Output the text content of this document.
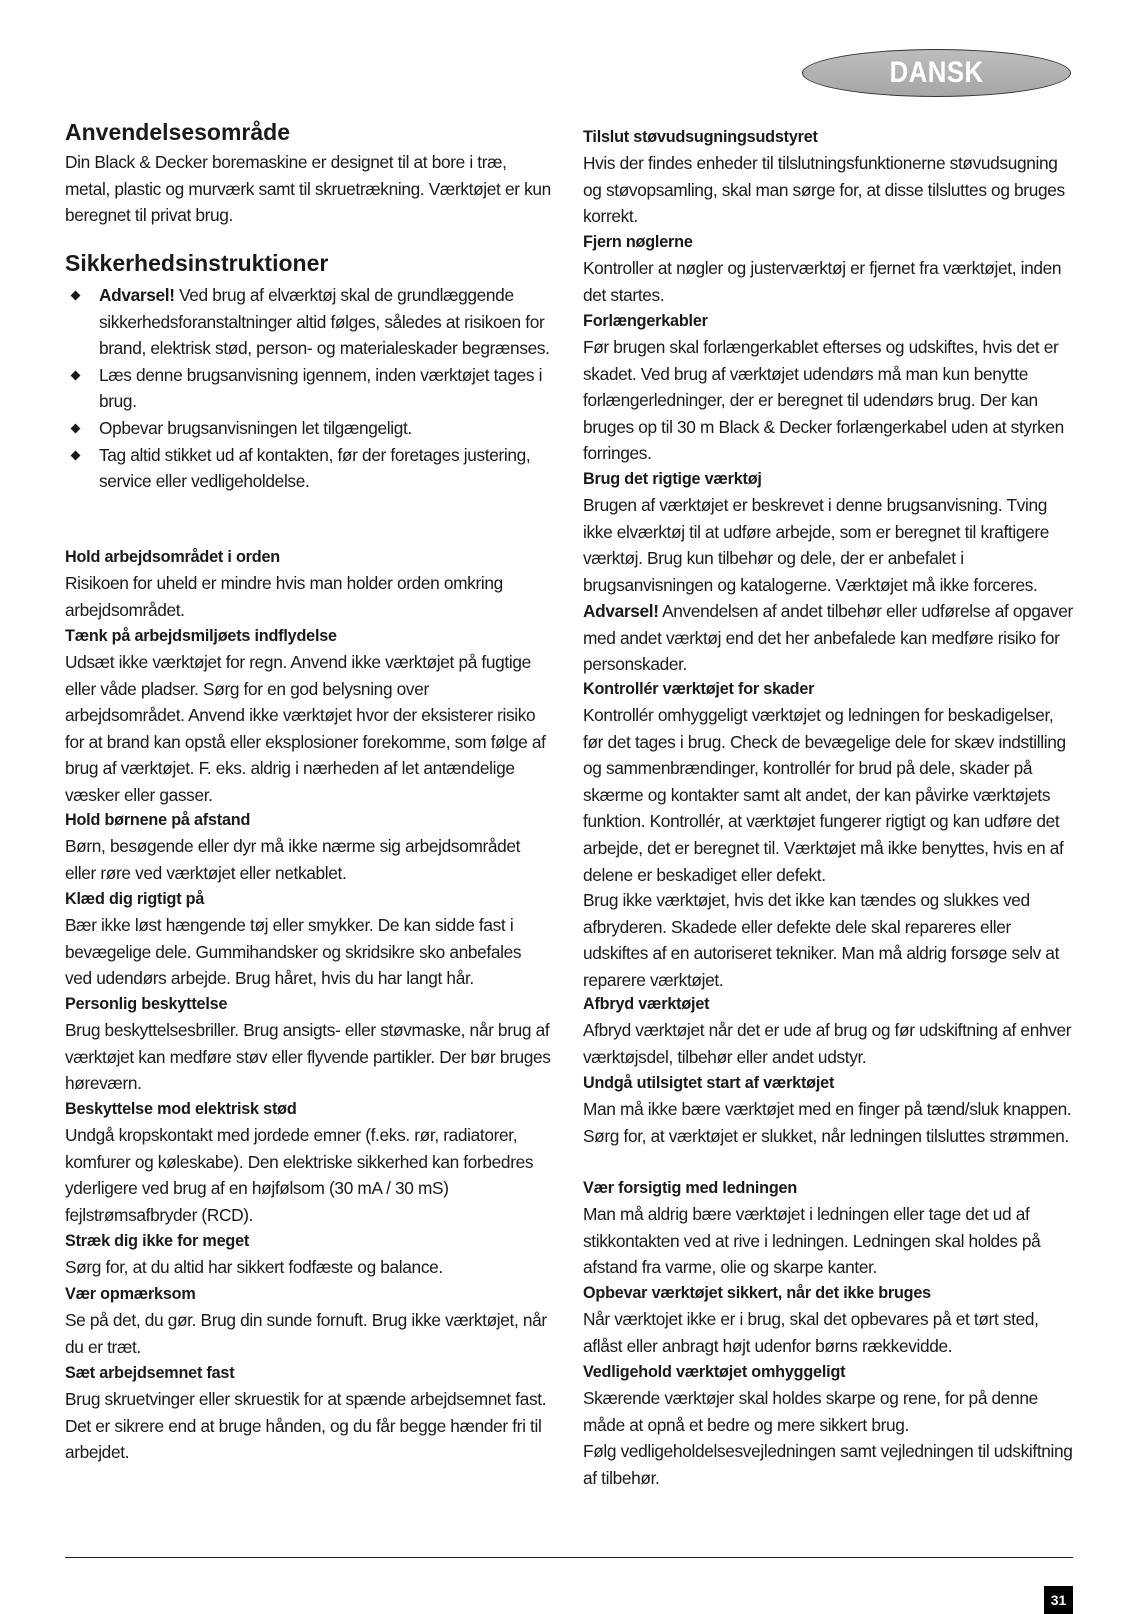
DANSK
Anvendelsesområde

Din Black & Decker boremaskine er designet til at bore i træ, metal, plastic og murværk samt til skruetrækning. Værktøjet er kun beregnet til privat brug.

Sikkerhedsinstruktioner
Advarsel! Ved brug af elværktøj skal de grundlæggende sikkerhedsforanstaltninger altid følges, således at risikoen for brand, elektrisk stød, person- og materialeskader begrænses.
Læs denne brugsanvisning igennem, inden værktøjet tages i brug.
Opbevar brugsanvisningen let tilgængeligt.
Tag altid stikket ud af kontakten, før der foretages justering, service eller vedligeholdelse.
Hold arbejdsområdet i orden

Risikoen for uheld er mindre hvis man holder orden omkring arbejdsområdet.

Tænk på arbejdsmiljøets indflydelse

Udsæt ikke værktøjet for regn. Anvend ikke værktøjet på fugtige eller våde pladser. Sørg for en god belysning over arbejdsområdet. Anvend ikke værktøjet hvor der eksisterer risiko for at brand kan opstå eller eksplosioner forekomme, som følge af brug af værktøjet. F. eks. aldrig i nærheden af let antændelige væsker eller gasser.

Hold børnene på afstand

Børn, besøgende eller dyr må ikke nærme sig arbejdsområdet eller røre ved værktøjet eller netkablet.

Klæd dig rigtigt på

Bær ikke løst hængende tøj eller smykker. De kan sidde fast i bevægelige dele. Gummihandsker og skridsikre sko anbefales ved udendørs arbejde. Brug håret, hvis du har langt hår.

Personlig beskyttelse

Brug beskyttelsesbriller. Brug ansigts- eller støvmaske, når brug af værktøjet kan medføre støv eller flyvende partikler. Der bør bruges høreværn.

Beskyttelse mod elektrisk stød

Undgå kropskontakt med jordede emner (f.eks. rør, radiatorer, komfurer og køleskabe). Den elektriske sikkerhed kan forbedres yderligere ved brug af en højfølsom (30 mA / 30 mS) fejlstrømsafbryder (RCD).

Stræk dig ikke for meget

Sørg for, at du altid har sikkert fodfæste og balance.

Vær opmærksom

Se på det, du gør. Brug din sunde fornuft. Brug ikke værktøjet, når du er træt.

Sæt arbejdsemnet fast

Brug skruetvinger eller skruestik for at spænde arbejdsemnet fast. Det er sikrere end at bruge hånden, og du får begge hænder fri til arbejdet.

Tilslut støvudsugningsudstyret

Hvis der findes enheder til tilslutningsfunktionerne støvudsugning og støvopsamling, skal man sørge for, at disse tilsluttes og bruges korrekt.

Fjern nøglerne

Kontroller at nøgler og justerværktøj er fjernet fra værktøjet, inden det startes.

Forlængerkabler

Før brugen skal forlængerkablet efterses og udskiftes, hvis det er skadet. Ved brug af værktøjet udendørs må man kun benytte forlængerledninger, der er beregnet til udendørs brug. Der kan bruges op til 30 m Black & Decker forlængerkabel uden at styrken forringes.

Brug det rigtige værktøj

Brugen af værktøjet er beskrevet i denne brugsanvisning. Tving ikke elværktøj til at udføre arbejde, som er beregnet til kraftigere værktøj. Brug kun tilbehør og dele, der er anbefalet i brugsanvisningen og katalogerne. Værktøjet må ikke forceres.

Advarsel! Anvendelsen af andet tilbehør eller udførelse af opgaver med andet værktøj end det her anbefalede kan medføre risiko for personskader.

Kontrollér værktøjet for skader

Kontrollér omhyggeligt værktøjet og ledningen for beskadigelser, før det tages i brug. Check de bevægelige dele for skæv indstilling og sammenbrændinger, kontrollér for brud på dele, skader på skærme og kontakter samt alt andet, der kan påvirke værktøjets funktion. Kontrollér, at værktøjet fungerer rigtigt og kan udføre det arbejde, det er beregnet til. Værktøjet må ikke benyttes, hvis en af delene er beskadiget eller defekt.

Brug ikke værktøjet, hvis det ikke kan tændes og slukkes ved afbryderen. Skadede eller defekte dele skal repareres eller udskiftes af en autoriseret tekniker. Man må aldrig forsøge selv at reparere værktøjet.

Afbryd værktøjet

Afbryd værktøjet når det er ude af brug og før udskiftning af enhver værktøjsdel, tilbehør eller andet udstyr.

Undgå utilsigtet start af værktøjet

Man må ikke bære værktøjet med en finger på tænd/sluk knappen. Sørg for, at værktøjet er slukket, når ledningen tilsluttes strømmen.

Vær forsigtig med ledningen

Man må aldrig bære værktøjet i ledningen eller tage det ud af stikkontakten ved at rive i ledningen. Ledningen skal holdes på afstand fra varme, olie og skarpe kanter.

Opbevar værktøjet sikkert, når det ikke bruges

Når værktojet ikke er i brug, skal det opbevares på et tørt sted, aflåst eller anbragt højt udenfor børns rækkevidde.

Vedligehold værktøjet omhyggeligt

Skærende værktøjer skal holdes skarpe og rene, for på denne måde at opnå et bedre og mere sikkert brug.

Følg vedligeholdelsesvejledningen samt vejledningen til udskiftning af tilbehør.

31
